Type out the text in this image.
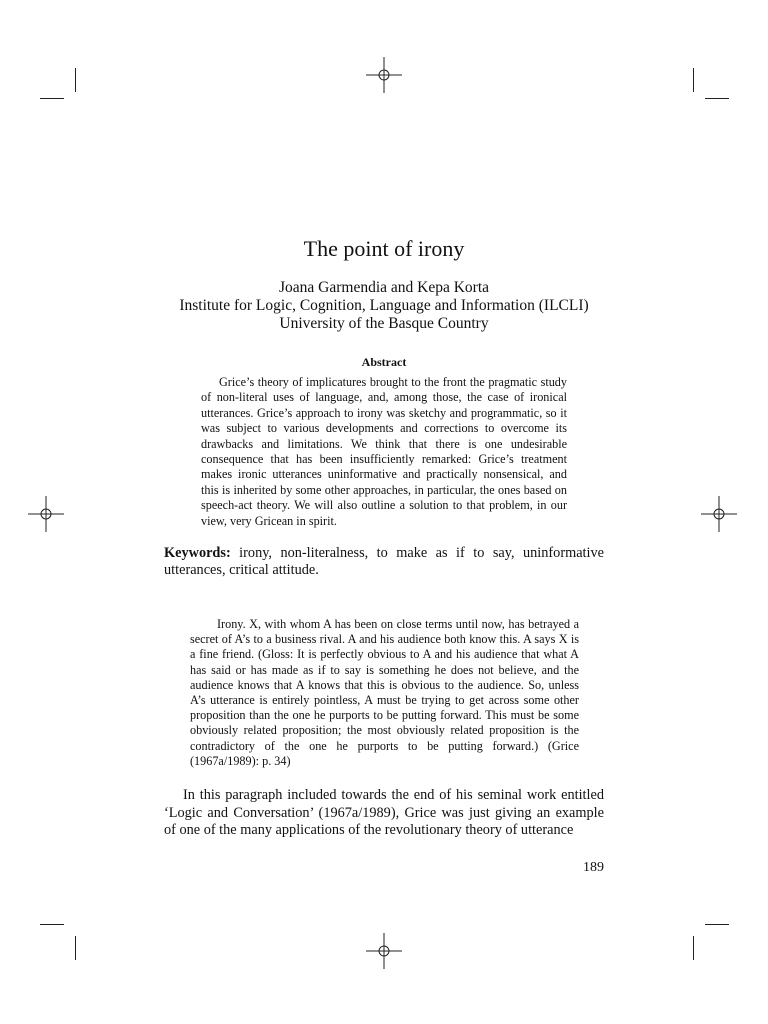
The point of irony
Joana Garmendia and Kepa Korta
Institute for Logic, Cognition, Language and Information (ILCLI)
University of the Basque Country
Abstract

Grice’s theory of implicatures brought to the front the pragmatic study of non-literal uses of language, and, among those, the case of ironical utterances. Grice’s approach to irony was sketchy and programmatic, so it was subject to various developments and corrections to overcome its drawbacks and limitations. We think that there is one undesirable consequence that has been insufficiently remarked: Grice’s treatment makes ironic utterances uninformative and practically nonsensical, and this is inherited by some other approaches, in particular, the ones based on speech-act theory. We will also outline a solution to that problem, in our view, very Gricean in spirit.

Keywords: irony, non-literalness, to make as if to say, uninformative utterances, critical attitude.

Irony. X, with whom A has been on close terms until now, has betrayed a secret of A’s to a business rival. A and his audience both know this. A says X is a fine friend. (Gloss: It is perfectly obvious to A and his audience that what A has said or has made as if to say is something he does not believe, and the audience knows that A knows that this is obvious to the audience. So, unless A’s utterance is entirely pointless, A must be trying to get across some other proposition than the one he purports to be putting forward. This must be some obviously related proposition; the most obviously related proposition is the contradictory of the one he purports to be putting forward.) (Grice (1967a/1989): p. 34)

In this paragraph included towards the end of his seminal work entitled ‘Logic and Conversation’ (1967a/1989), Grice was just giving an example of one of the many applications of the revolutionary theory of utterance

189
